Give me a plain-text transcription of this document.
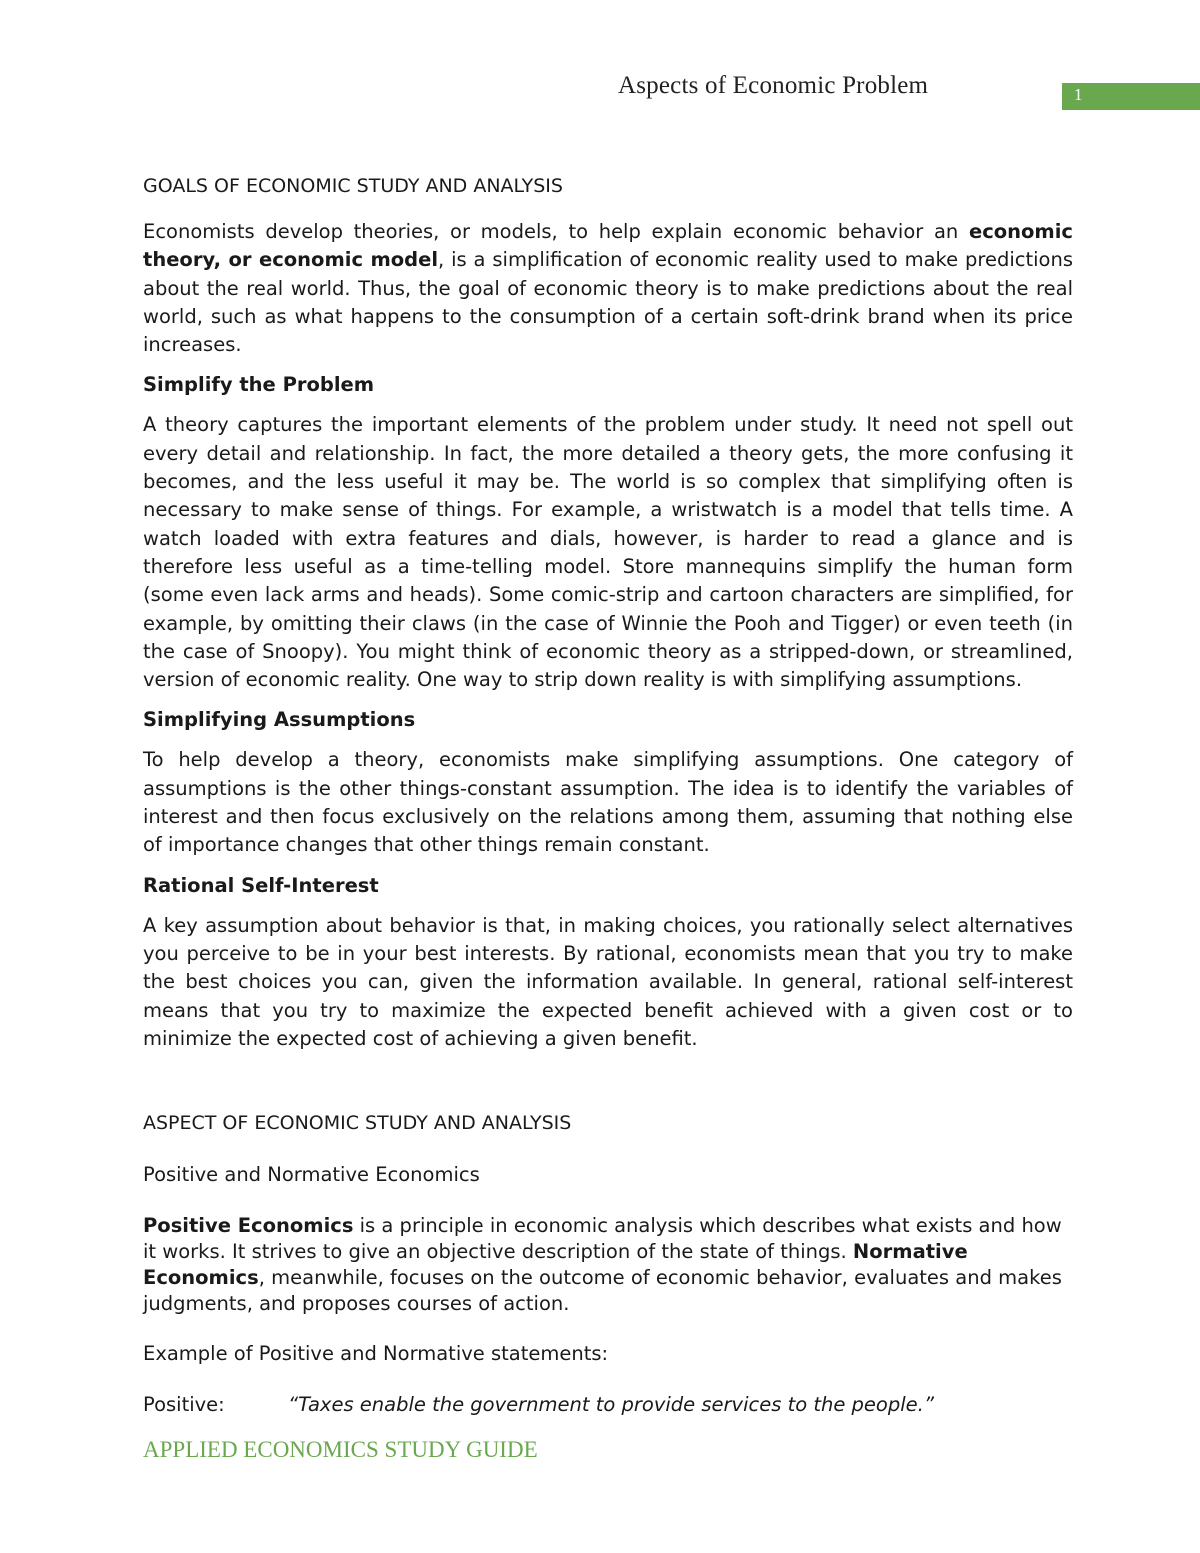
Aspects of Economic Problem	1
GOALS OF ECONOMIC STUDY AND ANALYSIS

Economists develop theories, or models, to help explain economic behavior an economic theory, or economic model, is a simplification of economic reality used to make predictions about the real world. Thus, the goal of economic theory is to make predictions about the real world, such as what happens to the consumption of a certain soft-drink brand when its price increases.

Simplify the Problem

A theory captures the important elements of the problem under study. It need not spell out every detail and relationship. In fact, the more detailed a theory gets, the more confusing it becomes, and the less useful it may be. The world is so complex that simplifying often is necessary to make sense of things. For example, a wristwatch is a model that tells time. A watch loaded with extra features and dials, however, is harder to read a glance and is therefore less useful as a time-telling model. Store mannequins simplify the human form (some even lack arms and heads). Some comic-strip and cartoon characters are simplified, for example, by omitting their claws (in the case of Winnie the Pooh and Tigger) or even teeth (in the case of Snoopy). You might think of economic theory as a stripped-down, or streamlined, version of economic reality. One way to strip down reality is with simplifying assumptions.

Simplifying Assumptions

To help develop a theory, economists make simplifying assumptions. One category of assumptions is the other things-constant assumption. The idea is to identify the variables of interest and then focus exclusively on the relations among them, assuming that nothing else of importance changes that other things remain constant.

Rational Self-Interest

A key assumption about behavior is that, in making choices, you rationally select alternatives you perceive to be in your best interests. By rational, economists mean that you try to make the best choices you can, given the information available. In general, rational self-interest means that you try to maximize the expected benefit achieved with a given cost or to minimize the expected cost of achieving a given benefit.

ASPECT OF ECONOMIC STUDY AND ANALYSIS
Positive and Normative Economics

Positive Economics is a principle in economic analysis which describes what exists and how it works. It strives to give an objective description of the state of things. Normative Economics, meanwhile, focuses on the outcome of economic behavior, evaluates and makes judgments, and proposes courses of action.

Example of Positive and Normative statements:

Positive:	“Taxes enable the government to provide services to the people.”
APPLIED ECONOMICS STUDY GUIDE
